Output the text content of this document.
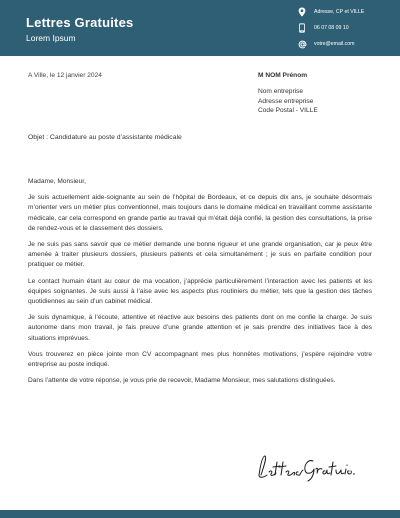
Lettres Gratuites
Lorem Ipsum
Adresse, CP et VILLE
06 07 08 09 10
votre@email.com
A Ville, le 12 janvier 2024	M NOM Prénom
Nom entreprise
Adresse entreprise
Code Postal - VILLE
Objet : Candidature au poste d’assistante médicale

Madame, Monsieur,

Je suis actuellement aide-soignante au sein de l’hôpital de Bordeaux, et ce depuis dix ans, je souhaite désormais m’orienter vers un métier plus conventionnel, mais toujours dans le domaine médical en travaillant comme assistante médicale, car cela correspond en grande partie au travail qui m’était déjà confié, la gestion des consultations, la prise de rendez-vous et le classement des dossiers.

Je ne suis pas sans savoir que ce métier demande une bonne rigueur et une grande organisation, car je peux être amenée à traiter plusieurs dossiers, plusieurs patients et cela simultanément ; je suis en parfaite condition pour pratiquer ce métier.

Le contact humain étant au cœur de ma vocation, j’apprécie particulièrement l’interaction avec les patients et les équipes soignantes. Je suis aussi à l’aise avec les aspects plus routiniers du métier, tels que la gestion des tâches quotidiennes au sein d’un cabinet médical.

Je suis dynamique, à l’écoute, attentive et réactive aux besoins des patients dont on me confie la charge. Je suis autonome dans mon travail, je fais preuve d’une grande attention et je sais prendre des initiatives face à des situations imprévues.

Vous trouverez en pièce jointe mon CV accompagnant mes plus honnêtes motivations, j’espère rejoindre votre entreprise au poste indiqué.

Dans l’attente de votre réponse, je vous prie de recevoir, Madame Monsieur, mes salutations distinguées.
